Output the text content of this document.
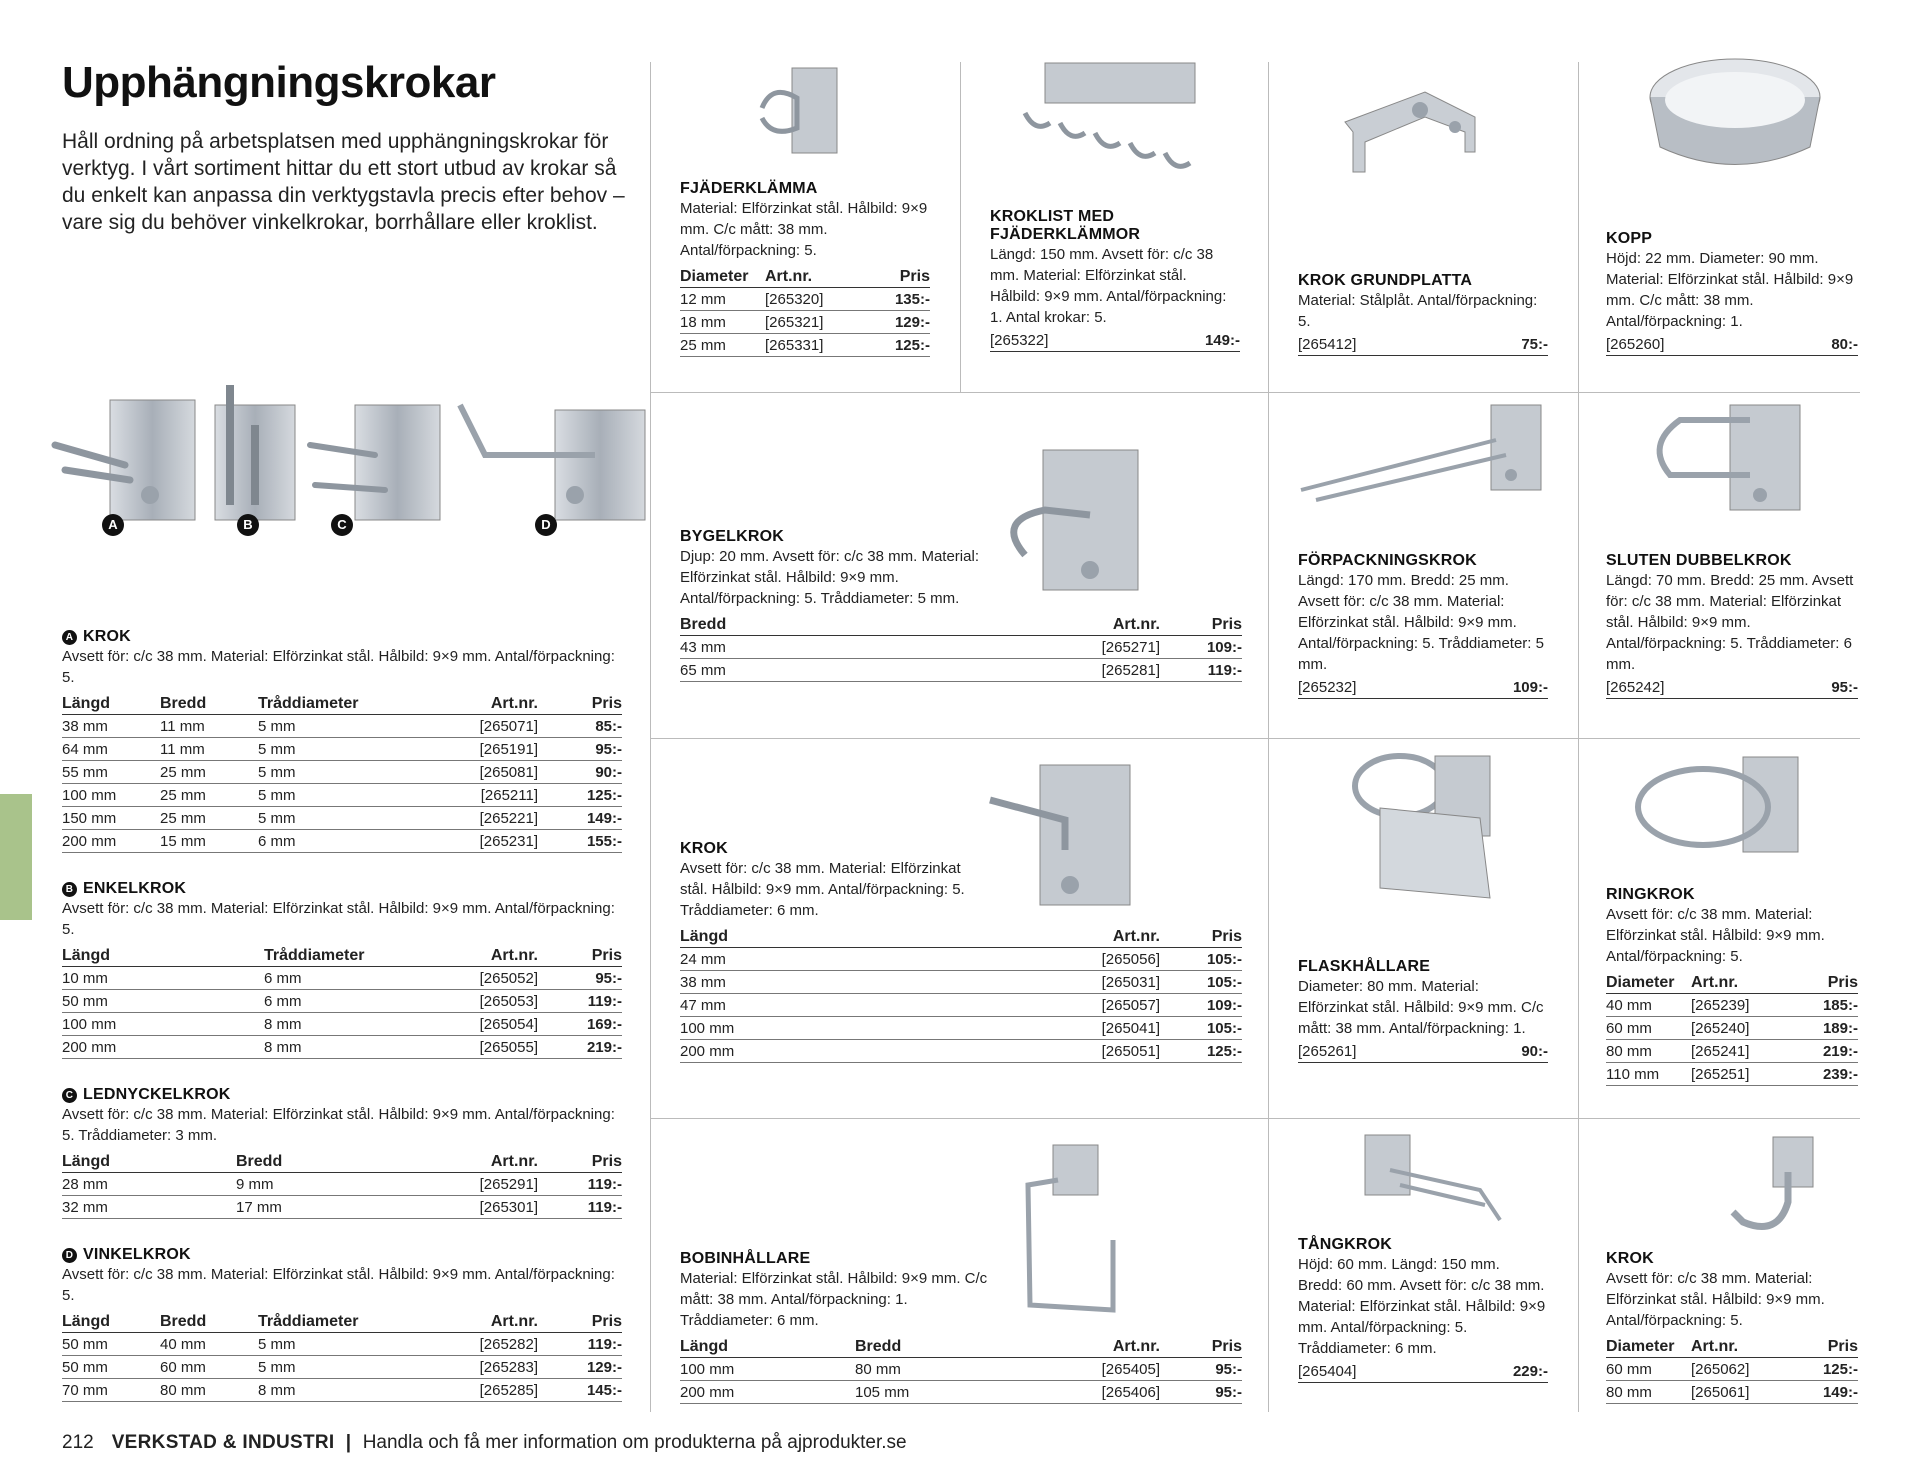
Upphängningskrokar
Håll ordning på arbetsplatsen med upphängningskrokar för verktyg. I vårt sortiment hittar du ett stort utbud av krokar så du enkelt kan anpassa din verktygstavla precis efter behov – vare sig du behöver vinkelkrokar, borrhållare eller kroklist.
A	B	C	D
A KROK
Avsett för: c/c 38 mm. Material: Elförzinkat stål. Hålbild: 9×9 mm. Antal/förpackning: 5.
Längd	Bredd	Tråddiameter	Art.nr.	Pris
38 mm	11 mm	5 mm	[265071]	85:-
64 mm	11 mm	5 mm	[265191]	95:-
55 mm	25 mm	5 mm	[265081]	90:-
100 mm	25 mm	5 mm	[265211]	125:-
150 mm	25 mm	5 mm	[265221]	149:-
200 mm	15 mm	6 mm	[265231]	155:-
B ENKELKROK
Avsett för: c/c 38 mm. Material: Elförzinkat stål. Hålbild: 9×9 mm. Antal/förpackning: 5.
Längd	Tråddiameter	Art.nr.	Pris
10 mm	6 mm	[265052]	95:-
50 mm	6 mm	[265053]	119:-
100 mm	8 mm	[265054]	169:-
200 mm	8 mm	[265055]	219:-
C LEDNYCKELKROK
Avsett för: c/c 38 mm. Material: Elförzinkat stål. Hålbild: 9×9 mm. Antal/förpackning: 5. Tråddiameter: 3 mm.
Längd	Bredd	Art.nr.	Pris
28 mm	9 mm	[265291]	119:-
32 mm	17 mm	[265301]	119:-
D VINKELKROK
Avsett för: c/c 38 mm. Material: Elförzinkat stål. Hålbild: 9×9 mm. Antal/förpackning: 5.
Längd	Bredd	Tråddiameter	Art.nr.	Pris
50 mm	40 mm	5 mm	[265282]	119:-
50 mm	60 mm	5 mm	[265283]	129:-
70 mm	80 mm	8 mm	[265285]	145:-
FJÄDERKLÄMMA
Material: Elförzinkat stål. Hålbild: 9×9 mm. C/c mått: 38 mm. Antal/förpackning: 5.
Diameter	Art.nr.	Pris
12 mm	[265320]	135:-
18 mm	[265321]	129:-
25 mm	[265331]	125:-
KROKLIST MED FJÄDERKLÄMMOR
Längd: 150 mm. Avsett för: c/c 38 mm. Material: Elförzinkat stål. Hålbild: 9×9 mm. Antal/förpackning: 1. Antal krokar: 5.
[265322]	149:-
KROK GRUNDPLATTA
Material: Stålplåt. Antal/förpackning: 5.
[265412]	75:-
KOPP
Höjd: 22 mm. Diameter: 90 mm. Material: Elförzinkat stål. Hålbild: 9×9 mm. C/c mått: 38 mm. Antal/förpackning: 1.
[265260]	80:-
BYGELKROK
Djup: 20 mm. Avsett för: c/c 38 mm. Material: Elförzinkat stål. Hålbild: 9×9 mm. Antal/förpackning: 5. Tråddiameter: 5 mm.
Bredd	Art.nr.	Pris
43 mm	[265271]	109:-
65 mm	[265281]	119:-
FÖRPACKNINGSKROK
Längd: 170 mm. Bredd: 25 mm. Avsett för: c/c 38 mm. Material: Elförzinkat stål. Hålbild: 9×9 mm. Antal/förpackning: 5. Tråddiameter: 5 mm.
[265232]	109:-
SLUTEN DUBBELKROK
Längd: 70 mm. Bredd: 25 mm. Avsett för: c/c 38 mm. Material: Elförzinkat stål. Hålbild: 9×9 mm. Antal/förpackning: 5. Tråddiameter: 6 mm.
[265242]	95:-
KROK
Avsett för: c/c 38 mm. Material: Elförzinkat stål. Hålbild: 9×9 mm. Antal/förpackning: 5. Tråddiameter: 6 mm.
Längd	Art.nr.	Pris
24 mm	[265056]	105:-
38 mm	[265031]	105:-
47 mm	[265057]	109:-
100 mm	[265041]	105:-
200 mm	[265051]	125:-
FLASKHÅLLARE
Diameter: 80 mm. Material: Elförzinkat stål. Hålbild: 9×9 mm. C/c mått: 38 mm. Antal/förpackning: 1.
[265261]	90:-
RINGKROK
Avsett för: c/c 38 mm. Material: Elförzinkat stål. Hålbild: 9×9 mm. Antal/förpackning: 5.
Diameter	Art.nr.	Pris
40 mm	[265239]	185:-
60 mm	[265240]	189:-
80 mm	[265241]	219:-
110 mm	[265251]	239:-
BOBINHÅLLARE
Material: Elförzinkat stål. Hålbild: 9×9 mm. C/c mått: 38 mm. Antal/förpackning: 1. Tråddiameter: 6 mm.
Längd	Bredd	Art.nr.	Pris
100 mm	80 mm	[265405]	95:-
200 mm	105 mm	[265406]	95:-
TÅNGKROK
Höjd: 60 mm. Längd: 150 mm. Bredd: 60 mm. Avsett för: c/c 38 mm. Material: Elförzinkat stål. Hålbild: 9×9 mm. Antal/förpackning: 5. Tråddiameter: 6 mm.
[265404]	229:-
KROK
Avsett för: c/c 38 mm. Material: Elförzinkat stål. Hålbild: 9×9 mm. Antal/förpackning: 5.
Diameter	Art.nr.	Pris
60 mm	[265062]	125:-
80 mm	[265061]	149:-
212 VERKSTAD & INDUSTRI | Handla och få mer information om produkterna på ajprodukter.se
